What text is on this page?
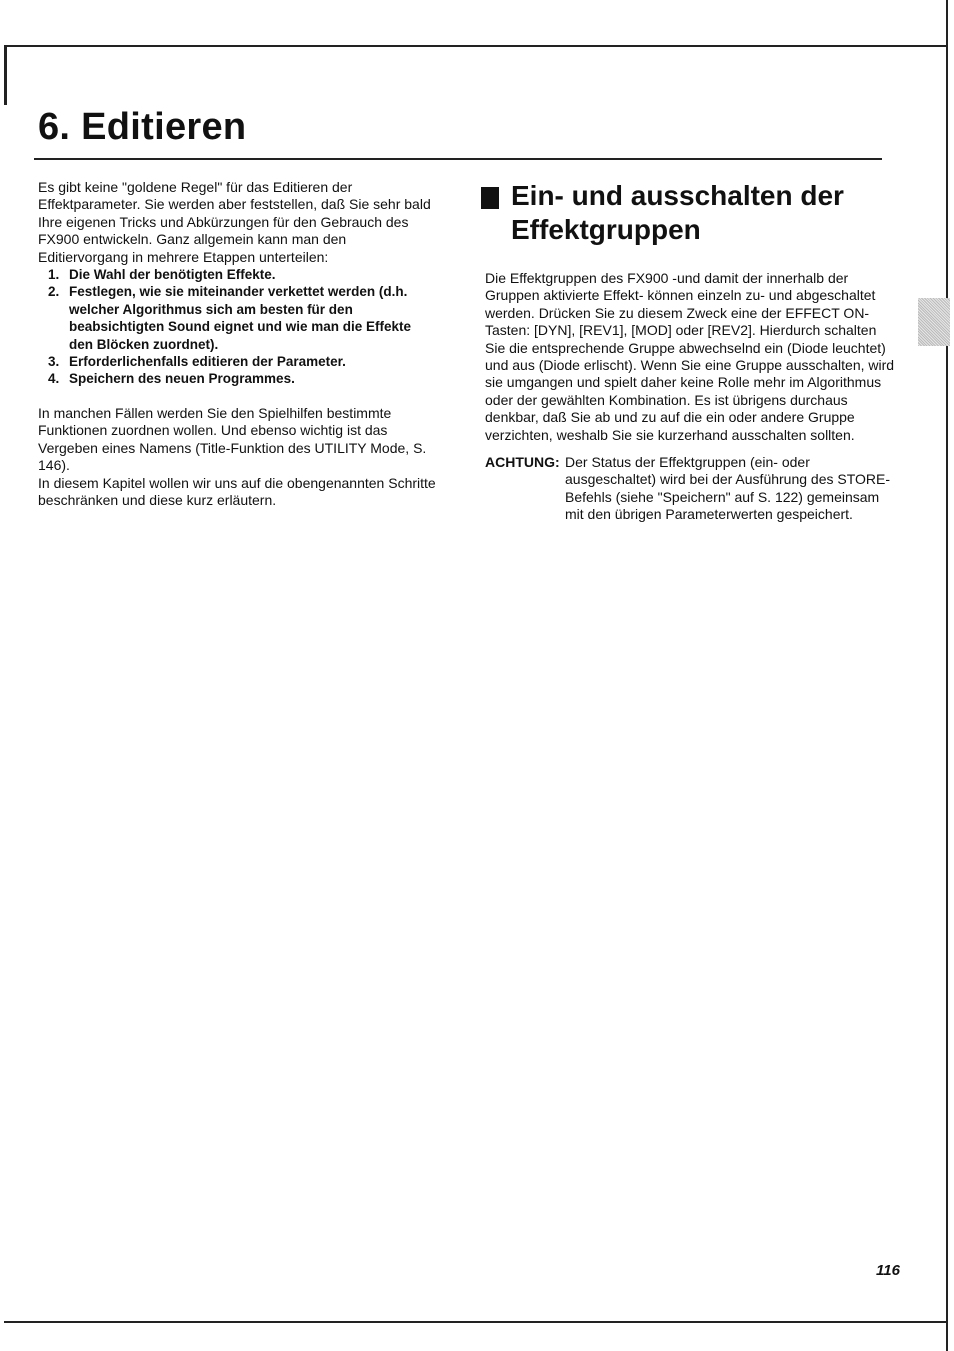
6. Editieren

Es gibt keine "goldene Regel" für das Editieren der Effektparameter. Sie werden aber feststellen, daß Sie sehr bald Ihre eigenen Tricks und Abkürzungen für den Gebrauch des FX900 entwickeln. Ganz allgemein kann man den Editiervorgang in mehrere Etappen unterteilen:

1. Die Wahl der benötigten Effekte.
2. Festlegen, wie sie miteinander verkettet werden (d.h. welcher Algorithmus sich am besten für den beabsichtigten Sound eignet und wie man die Effekte den Blöcken zuordnet).
3. Erforderlichenfalls editieren der Parameter.
4. Speichern des neuen Programmes.

In manchen Fällen werden Sie den Spielhilfen bestimmte Funktionen zuordnen wollen. Und ebenso wichtig ist das Vergeben eines Namens (Title-Funktion des UTILITY Mode, S. 146).

In diesem Kapitel wollen wir uns auf die obengenannten Schritte beschränken und diese kurz erläutern.

Ein- und ausschalten der Effektgruppen

Die Effektgruppen des FX900 -und damit der innerhalb der Gruppen aktivierte Effekt- können einzeln zu- und abgeschaltet werden. Drücken Sie zu diesem Zweck eine der EFFECT ON-Tasten: [DYN], [REV1], [MOD] oder [REV2]. Hierdurch schalten Sie die entsprechende Gruppe abwechselnd ein (Diode leuchtet) und aus (Diode erlischt). Wenn Sie eine Gruppe ausschalten, wird sie umgangen und spielt daher keine Rolle mehr im Algorithmus oder der gewählten Kombination. Es ist übrigens durchaus denkbar, daß Sie ab und zu auf die ein oder andere Gruppe verzichten, weshalb Sie sie kurzerhand ausschalten sollten.

ACHTUNG: Der Status der Effektgruppen (ein- oder ausgeschaltet) wird bei der Ausführung des STORE-Befehls (siehe "Speichern" auf S. 122) gemeinsam mit den übrigen Parameterwerten gespeichert.
116
